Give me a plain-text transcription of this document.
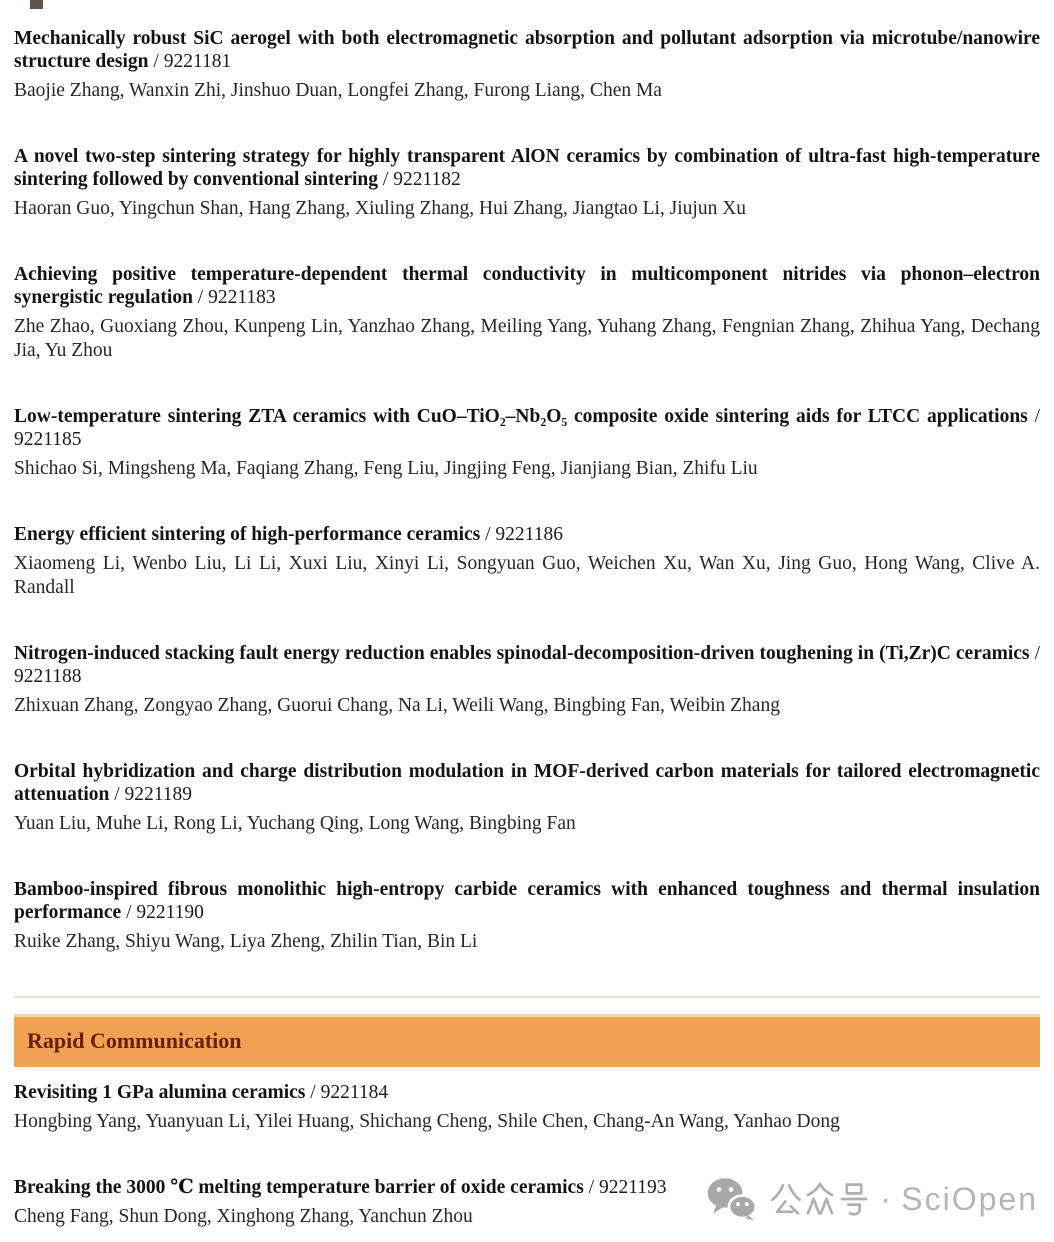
Mechanically robust SiC aerogel with both electromagnetic absorption and pollutant adsorption via microtube/nanowire structure design / 9221181

Baojie Zhang, Wanxin Zhi, Jinshuo Duan, Longfei Zhang, Furong Liang, Chen Ma

A novel two-step sintering strategy for highly transparent AlON ceramics by combination of ultra-fast high-temperature sintering followed by conventional sintering / 9221182

Haoran Guo, Yingchun Shan, Hang Zhang, Xiuling Zhang, Hui Zhang, Jiangtao Li, Jiujun Xu

Achieving positive temperature-dependent thermal conductivity in multicomponent nitrides via phonon–electron synergistic regulation / 9221183

Zhe Zhao, Guoxiang Zhou, Kunpeng Lin, Yanzhao Zhang, Meiling Yang, Yuhang Zhang, Fengnian Zhang, Zhihua Yang, Dechang Jia, Yu Zhou

Low-temperature sintering ZTA ceramics with CuO–TiO₂–Nb₂O₅ composite oxide sintering aids for LTCC applications / 9221185

Shichao Si, Mingsheng Ma, Faqiang Zhang, Feng Liu, Jingjing Feng, Jianjiang Bian, Zhifu Liu

Energy efficient sintering of high-performance ceramics / 9221186

Xiaomeng Li, Wenbo Liu, Li Li, Xuxi Liu, Xinyi Li, Songyuan Guo, Weichen Xu, Wan Xu, Jing Guo, Hong Wang, Clive A. Randall

Nitrogen-induced stacking fault energy reduction enables spinodal-decomposition-driven toughening in (Ti,Zr)C ceramics / 9221188

Zhixuan Zhang, Zongyao Zhang, Guorui Chang, Na Li, Weili Wang, Bingbing Fan, Weibin Zhang

Orbital hybridization and charge distribution modulation in MOF-derived carbon materials for tailored electromagnetic attenuation / 9221189

Yuan Liu, Muhe Li, Rong Li, Yuchang Qing, Long Wang, Bingbing Fan

Bamboo-inspired fibrous monolithic high-entropy carbide ceramics with enhanced toughness and thermal insulation performance / 9221190

Ruike Zhang, Shiyu Wang, Liya Zheng, Zhilin Tian, Bin Li

Rapid Communication

Revisiting 1 GPa alumina ceramics / 9221184

Hongbing Yang, Yuanyuan Li, Yilei Huang, Shichang Cheng, Shile Chen, Chang-An Wang, Yanhao Dong

Breaking the 3000 ℃ melting temperature barrier of oxide ceramics / 9221193

Cheng Fang, Shun Dong, Xinghong Zhang, Yanchun Zhou	· SciOpen
